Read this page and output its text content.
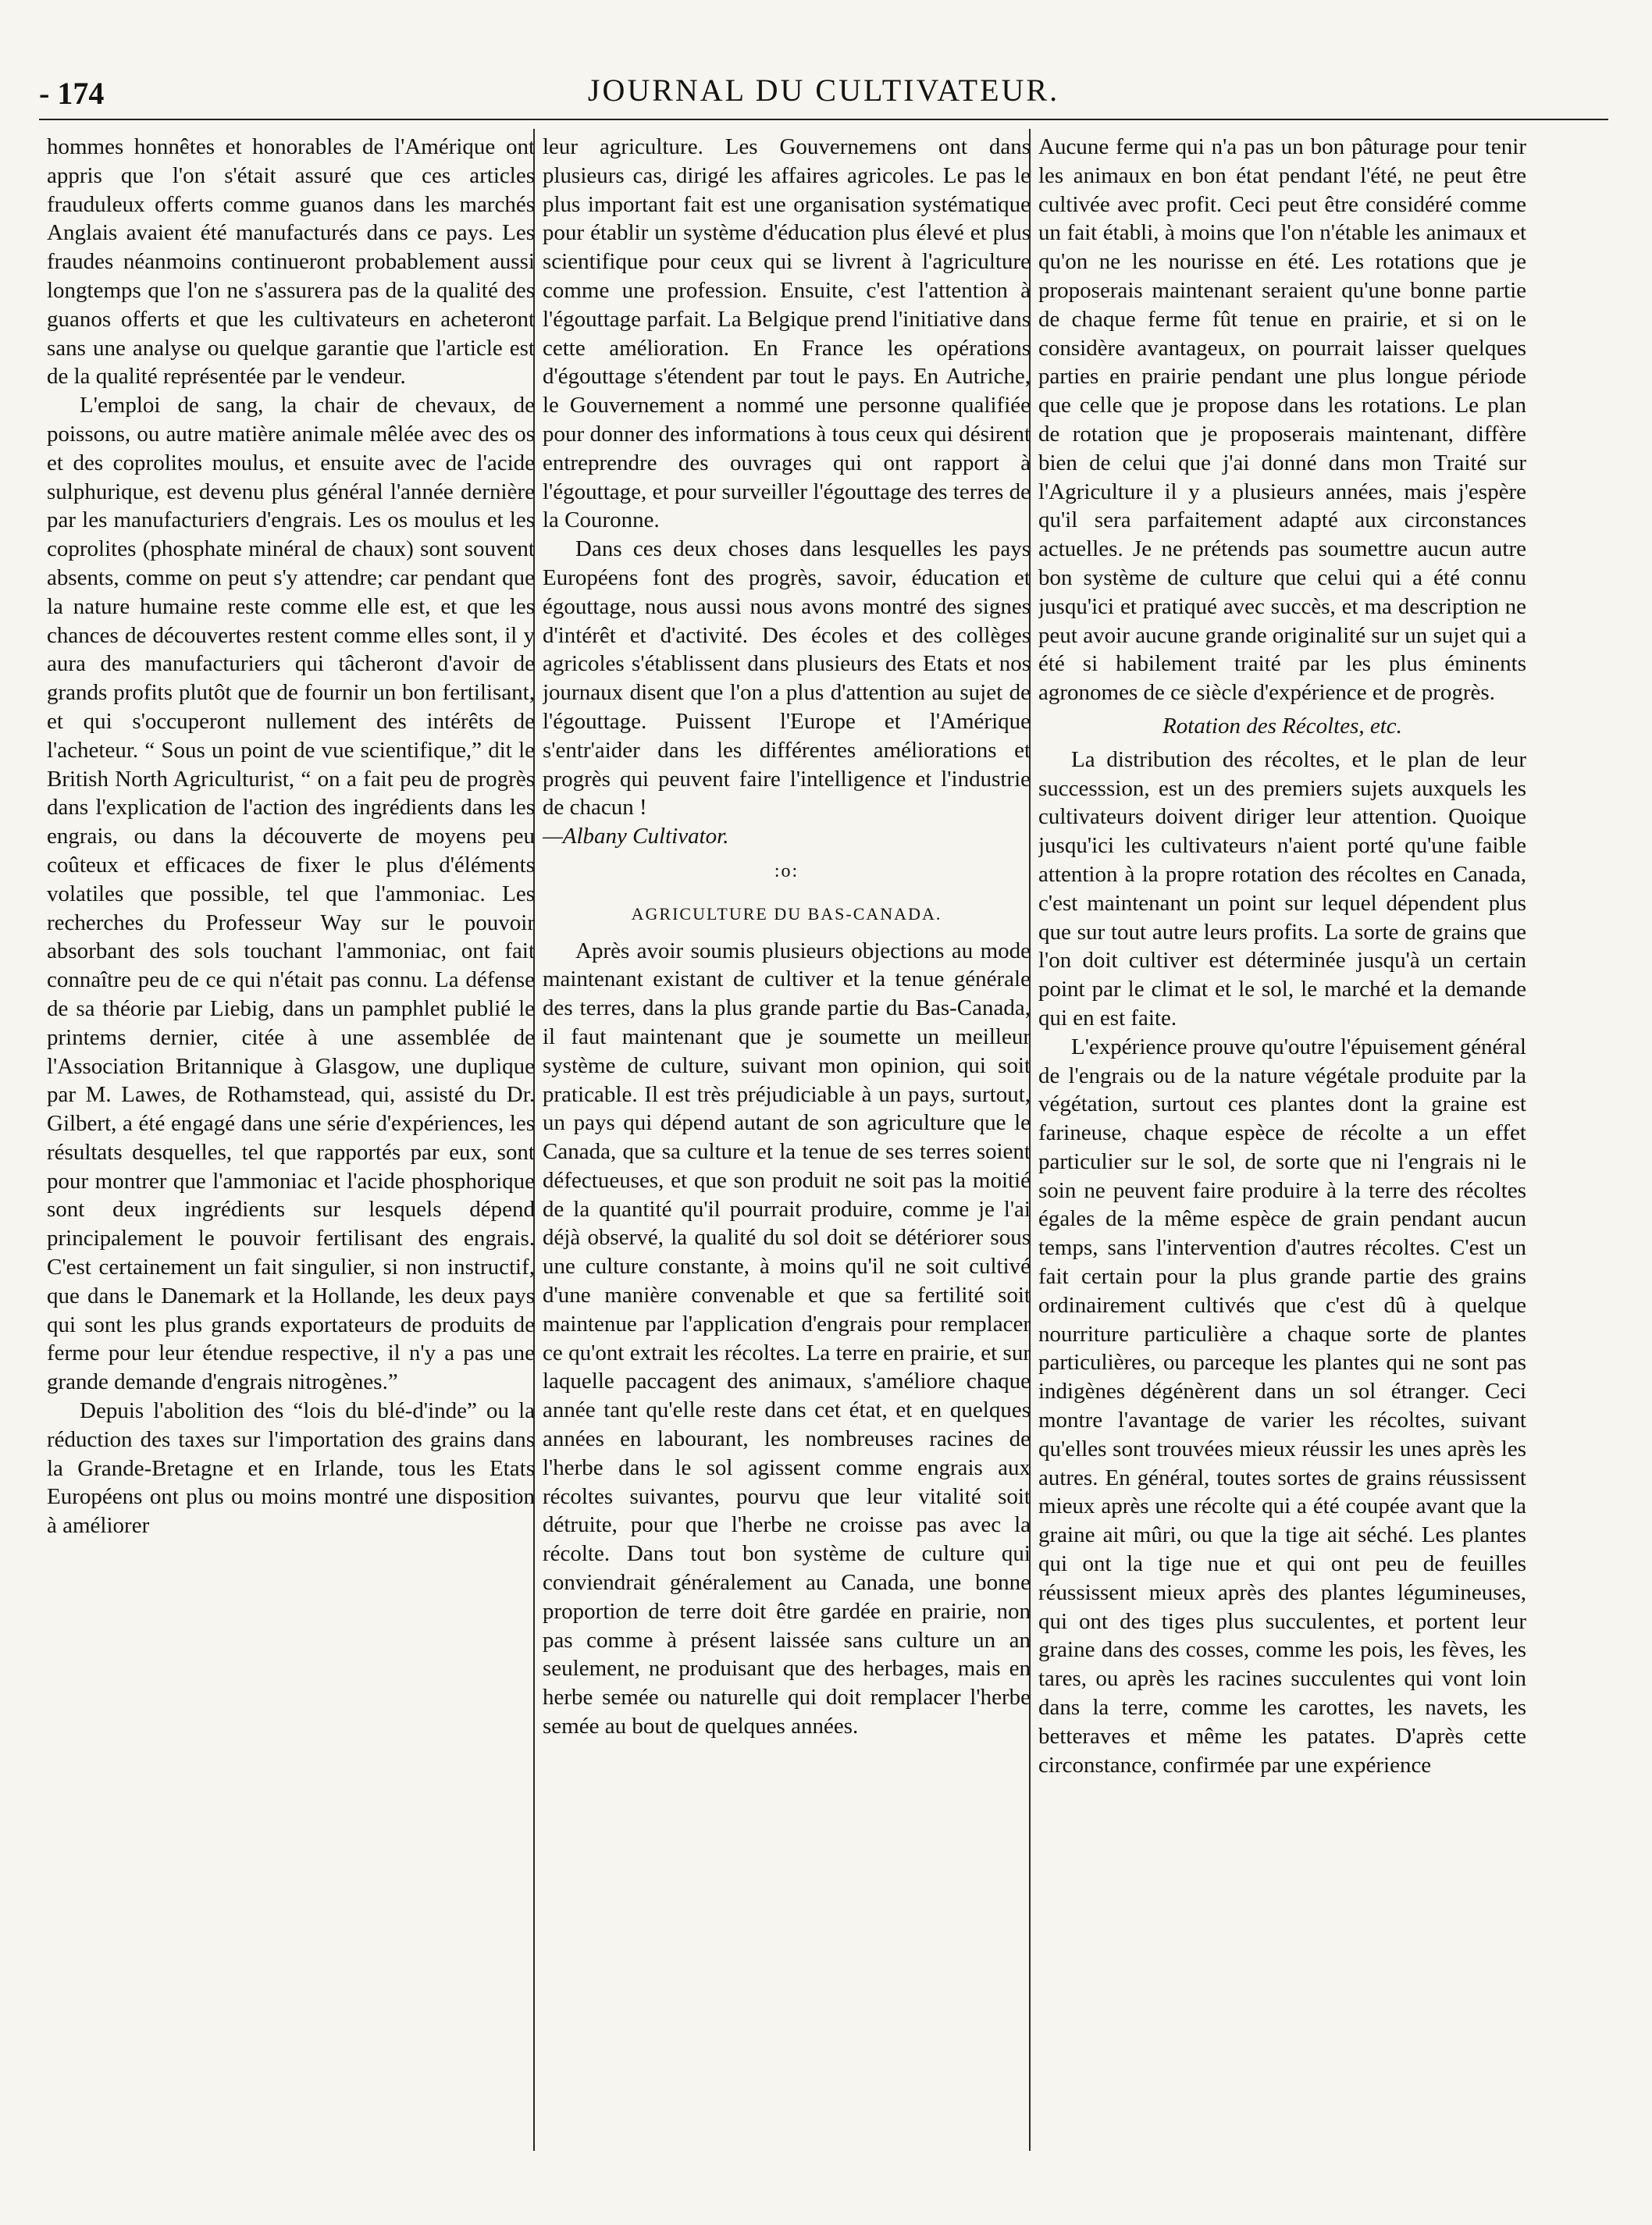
- 174	JOURNAL DU CULTIVATEUR.

hommes honnêtes et honorables de l'Amérique ont appris que l'on s'était assuré que ces articles frauduleux offerts comme guanos dans les marchés Anglais avaient été manufacturés dans ce pays. Les fraudes néanmoins continueront probablement aussi longtemps que l'on ne s'assurera pas de la qualité des guanos offerts et que les cultivateurs en acheteront sans une analyse ou quelque garantie que l'article est de la qualité représentée par le vendeur.

L'emploi de sang, la chair de chevaux, de poissons, ou autre matière animale mêlée avec des os et des coprolites moulus, et ensuite avec de l'acide sulphurique, est devenu plus général l'année dernière par les manufacturiers d'engrais. Les os moulus et les coprolites (phosphate minéral de chaux) sont souvent absents, comme on peut s'y attendre; car pendant que la nature humaine reste comme elle est, et que les chances de découvertes restent comme elles sont, il y aura des manufacturiers qui tâcheront d'avoir de grands profits plutôt que de fournir un bon fertilisant, et qui s'occuperont nullement des intérêts de l'acheteur. “ Sous un point de vue scientifique,” dit le British North Agriculturist, “ on a fait peu de progrès dans l'explication de l'action des ingrédients dans les engrais, ou dans la découverte de moyens peu coûteux et efficaces de fixer le plus d'éléments volatiles que possible, tel que l'ammoniac. Les recherches du Professeur Way sur le pouvoir absorbant des sols touchant l'ammoniac, ont fait connaître peu de ce qui n'était pas connu. La défense de sa théorie par Liebig, dans un pamphlet publié le printems dernier, citée à une assemblée de l'Association Britannique à Glasgow, une duplique par M. Lawes, de Rothamstead, qui, assisté du Dr. Gilbert, a été engagé dans une série d'expériences, les résultats desquelles, tel que rapportés par eux, sont pour montrer que l'ammoniac et l'acide phosphorique sont deux ingrédients sur lesquels dépend principalement le pouvoir fertilisant des engrais. C'est certainement un fait singulier, si non instructif, que dans le Danemark et la Hollande, les deux pays qui sont les plus grands exportateurs de produits de ferme pour leur étendue respective, il n'y a pas une grande demande d'engrais nitrogènes.”

Depuis l'abolition des “lois du blé-d'inde” ou la réduction des taxes sur l'importation des grains dans la Grande-Bretagne et en Irlande, tous les Etats Européens ont plus ou moins montré une disposition à améliorer

leur agriculture. Les Gouvernemens ont dans plusieurs cas, dirigé les affaires agricoles. Le pas le plus important fait est une organisation systématique pour établir un système d'éducation plus élevé et plus scientifique pour ceux qui se livrent à l'agriculture comme une profession. Ensuite, c'est l'attention à l'égouttage parfait. La Belgique prend l'initiative dans cette amélioration. En France les opérations d'égouttage s'étendent par tout le pays. En Autriche, le Gouvernement a nommé une personne qualifiée pour donner des informations à tous ceux qui désirent entreprendre des ouvrages qui ont rapport à l'égouttage, et pour surveiller l'égouttage des terres de la Couronne.

Dans ces deux choses dans lesquelles les pays Européens font des progrès, savoir, éducation et égouttage, nous aussi nous avons montré des signes d'intérêt et d'activité. Des écoles et des collèges agricoles s'établissent dans plusieurs des Etats et nos journaux disent que l'on a plus d'attention au sujet de l'égouttage. Puissent l'Europe et l'Amérique s'entr'aider dans les différentes améliorations et progrès qui peuvent faire l'intelligence et l'industrie de chacun !

—Albany Cultivator.

:o:
AGRICULTURE DU BAS-CANADA.

Après avoir soumis plusieurs objections au mode maintenant existant de cultiver et la tenue générale des terres, dans la plus grande partie du Bas-Canada, il faut maintenant que je soumette un meilleur système de culture, suivant mon opinion, qui soit praticable. Il est très préjudiciable à un pays, surtout, un pays qui dépend autant de son agriculture que le Canada, que sa culture et la tenue de ses terres soient défectueuses, et que son produit ne soit pas la moitié de la quantité qu'il pourrait produire, comme je l'ai déjà observé, la qualité du sol doit se détériorer sous une culture constante, à moins qu'il ne soit cultivé d'une manière convenable et que sa fertilité soit maintenue par l'application d'engrais pour remplacer ce qu'ont extrait les récoltes. La terre en prairie, et sur laquelle paccagent des animaux, s'améliore chaque année tant qu'elle reste dans cet état, et en quelques années en labourant, les nombreuses racines de l'herbe dans le sol agissent comme engrais aux récoltes suivantes, pourvu que leur vitalité soit détruite, pour que l'herbe ne croisse pas avec la récolte. Dans tout bon système de culture qui conviendrait généralement au Canada, une bonne proportion de terre doit être gardée en prairie, non pas comme à présent laissée sans culture un an seulement, ne produisant que des herbages, mais en herbe semée ou naturelle qui doit remplacer l'herbe semée au bout de quelques années.

Aucune ferme qui n'a pas un bon pâturage pour tenir les animaux en bon état pendant l'été, ne peut être cultivée avec profit. Ceci peut être considéré comme un fait établi, à moins que l'on n'étable les animaux et qu'on ne les nourisse en été. Les rotations que je proposerais maintenant seraient qu'une bonne partie de chaque ferme fût tenue en prairie, et si on le considère avantageux, on pourrait laisser quelques parties en prairie pendant une plus longue période que celle que je propose dans les rotations. Le plan de rotation que je proposerais maintenant, diffère bien de celui que j'ai donné dans mon Traité sur l'Agriculture il y a plusieurs années, mais j'espère qu'il sera parfaitement adapté aux circonstances actuelles. Je ne prétends pas soumettre aucun autre bon système de culture que celui qui a été connu jusqu'ici et pratiqué avec succès, et ma description ne peut avoir aucune grande originalité sur un sujet qui a été si habilement traité par les plus éminents agronomes de ce siècle d'expérience et de progrès.

Rotation des Récoltes, etc.

La distribution des récoltes, et le plan de leur successsion, est un des premiers sujets auxquels les cultivateurs doivent diriger leur attention. Quoique jusqu'ici les cultivateurs n'aient porté qu'une faible attention à la propre rotation des récoltes en Canada, c'est maintenant un point sur lequel dépendent plus que sur tout autre leurs profits. La sorte de grains que l'on doit cultiver est déterminée jusqu'à un certain point par le climat et le sol, le marché et la demande qui en est faite.

L'expérience prouve qu'outre l'épuisement général de l'engrais ou de la nature végétale produite par la végétation, surtout ces plantes dont la graine est farineuse, chaque espèce de récolte a un effet particulier sur le sol, de sorte que ni l'engrais ni le soin ne peuvent faire produire à la terre des récoltes égales de la même espèce de grain pendant aucun temps, sans l'intervention d'autres récoltes. C'est un fait certain pour la plus grande partie des grains ordinairement cultivés que c'est dû à quelque nourriture particulière a chaque sorte de plantes particulières, ou parceque les plantes qui ne sont pas indigènes dégénèrent dans un sol étranger. Ceci montre l'avantage de varier les récoltes, suivant qu'elles sont trouvées mieux réussir les unes après les autres. En général, toutes sortes de grains réussissent mieux après une récolte qui a été coupée avant que la graine ait mûri, ou que la tige ait séché. Les plantes qui ont la tige nue et qui ont peu de feuilles réussissent mieux après des plantes légumineuses, qui ont des tiges plus succulentes, et portent leur graine dans des cosses, comme les pois, les fèves, les tares, ou après les racines succulentes qui vont loin dans la terre, comme les carottes, les navets, les betteraves et même les patates. D'après cette circonstance, confirmée par une expérience
